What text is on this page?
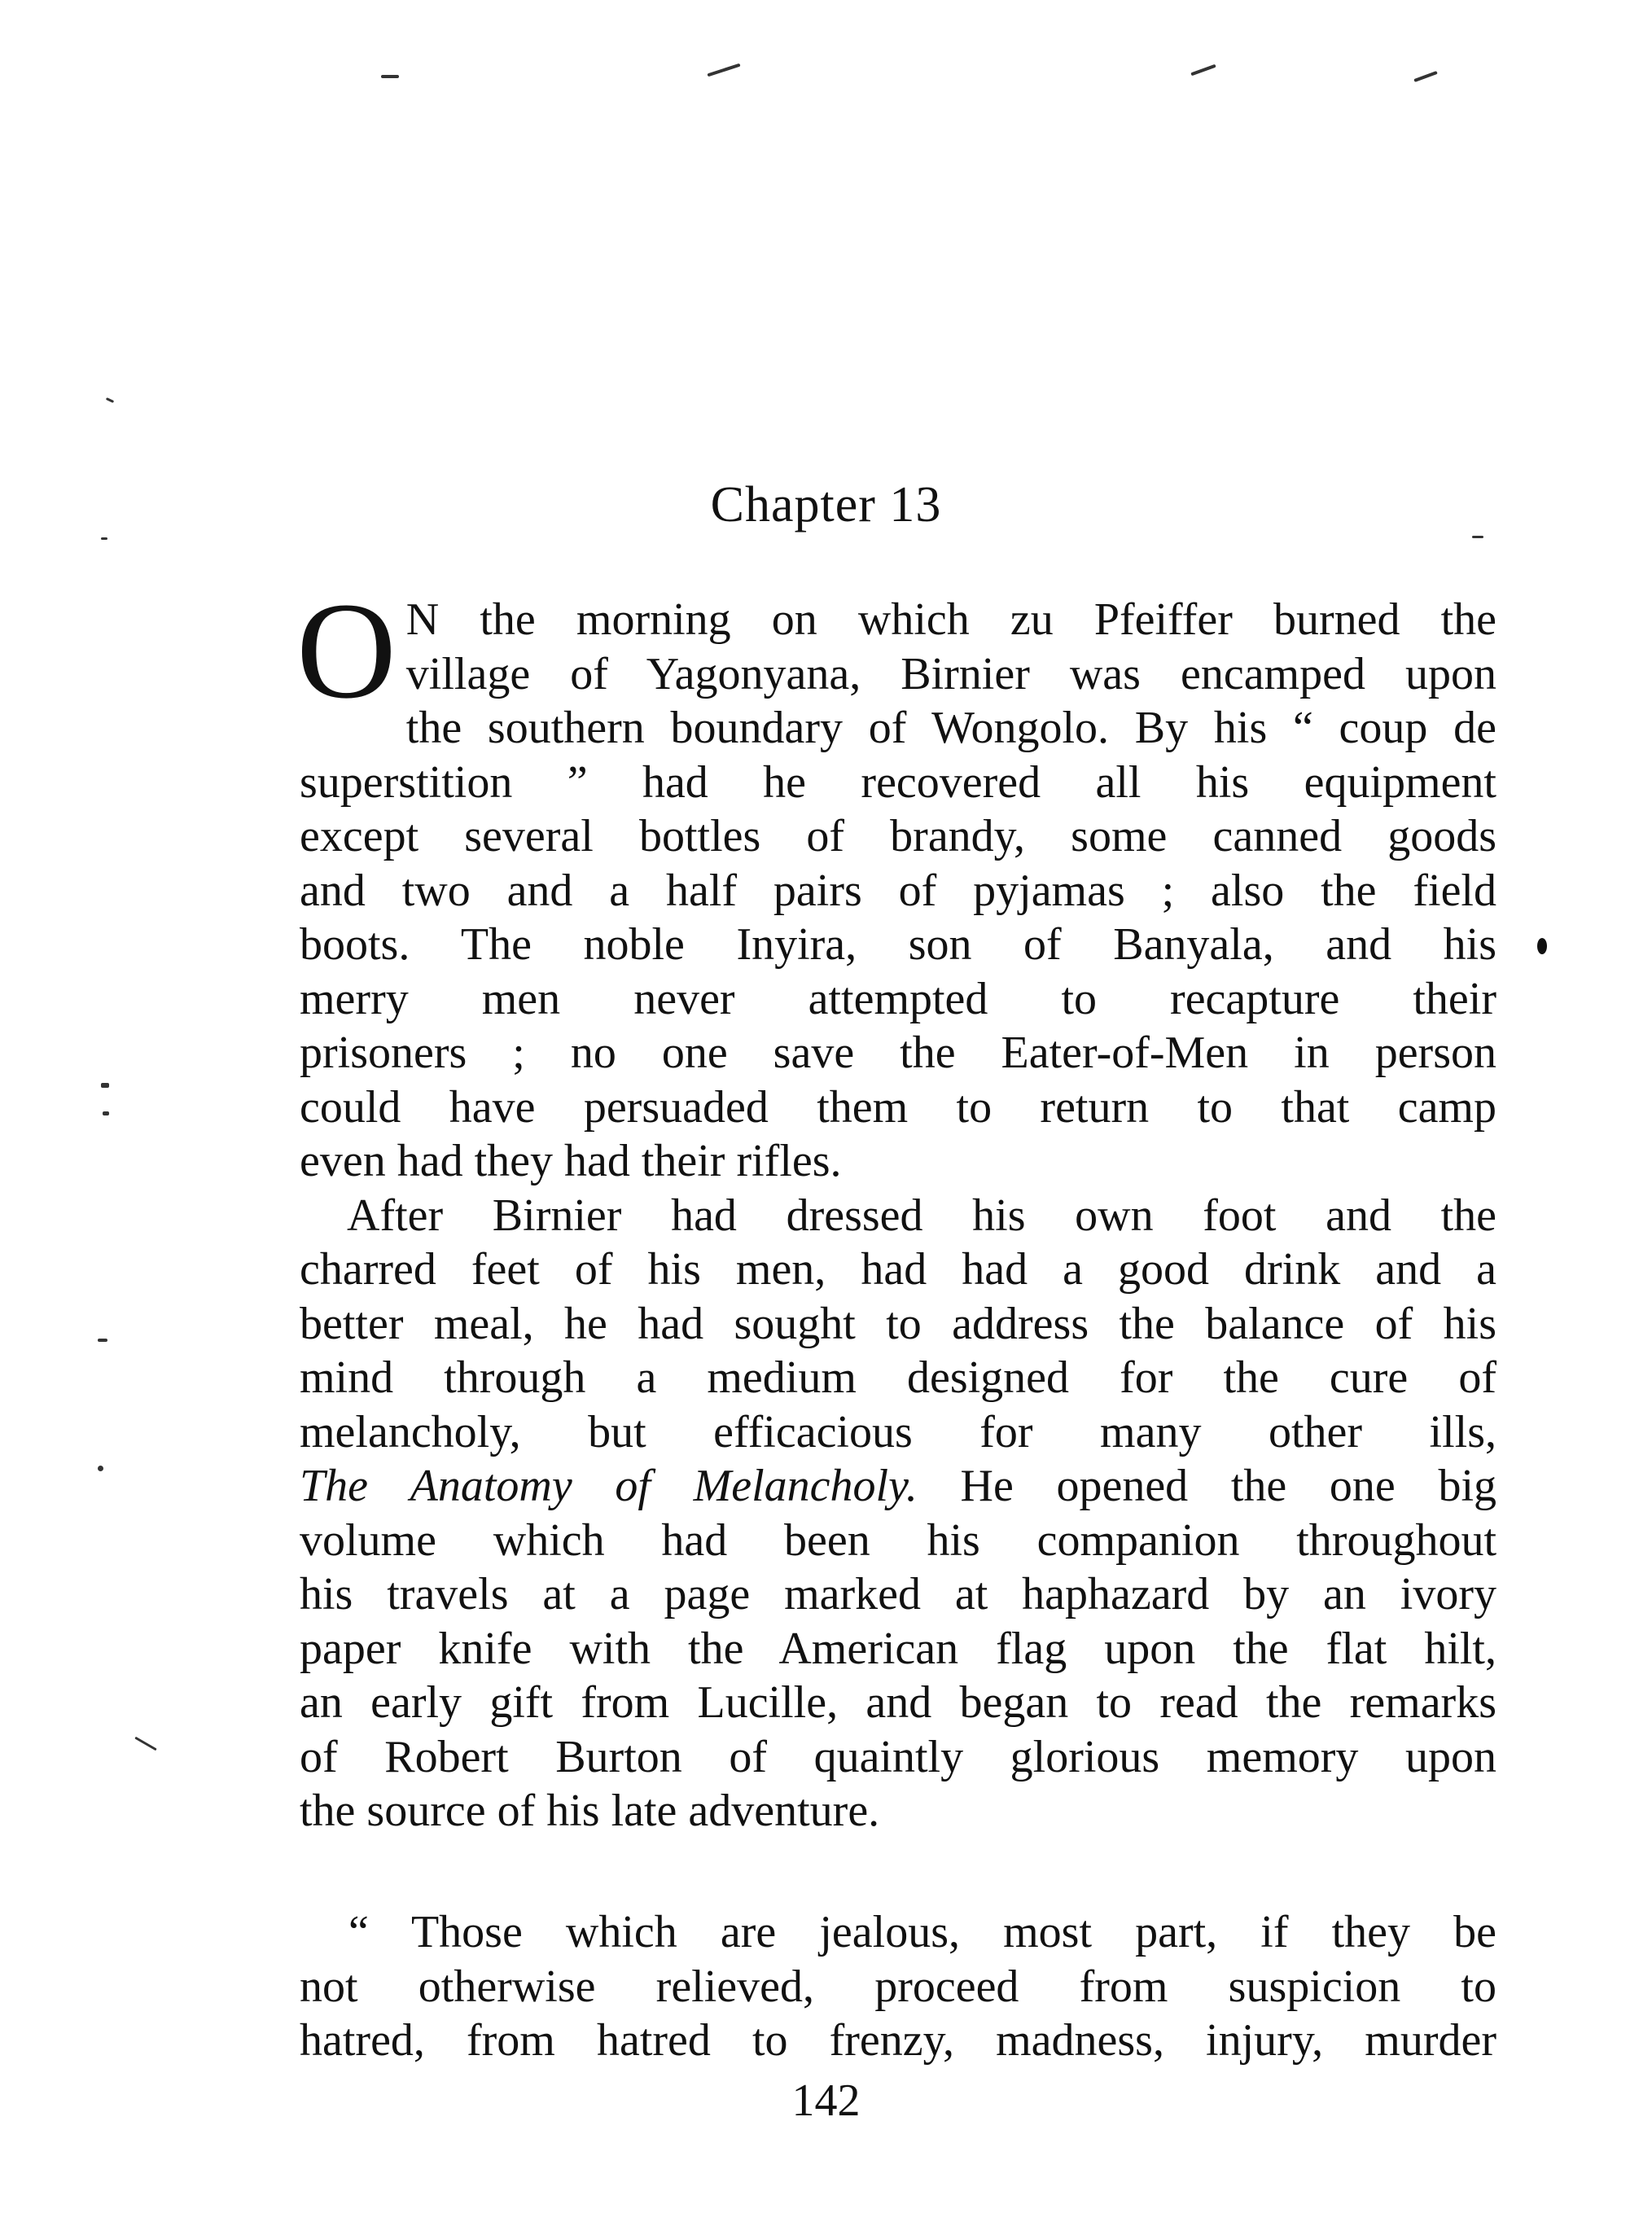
Chapter 13
O N the morning on which zu Pfeiffer burned the
village of Yagonyana, Birnier was encamped upon
the southern boundary of Wongolo. By his “ coup de
superstition ” had he recovered all his equipment
except several bottles of brandy, some canned goods
and two and a half pairs of pyjamas ; also the field
boots. The noble Inyira, son of Banyala, and his
merry men never attempted to recapture their
prisoners ; no one save the Eater-of-Men in person
could have persuaded them to return to that camp
even had they had their rifles.
After Birnier had dressed his own foot and the
charred feet of his men, had had a good drink and a
better meal, he had sought to address the balance of his
mind through a medium designed for the cure of
melancholy, but efficacious for many other ills,
The Anatomy of Melancholy. He opened the one big
volume which had been his companion throughout
his travels at a page marked at haphazard by an ivory
paper knife with the American flag upon the flat hilt,
an early gift from Lucille, and began to read the remarks
of Robert Burton of quaintly glorious memory upon
the source of his late adventure.
“ Those which are jealous, most part, if they be
not otherwise relieved, proceed from suspicion to
hatred, from hatred to frenzy, madness, injury, murder
142
